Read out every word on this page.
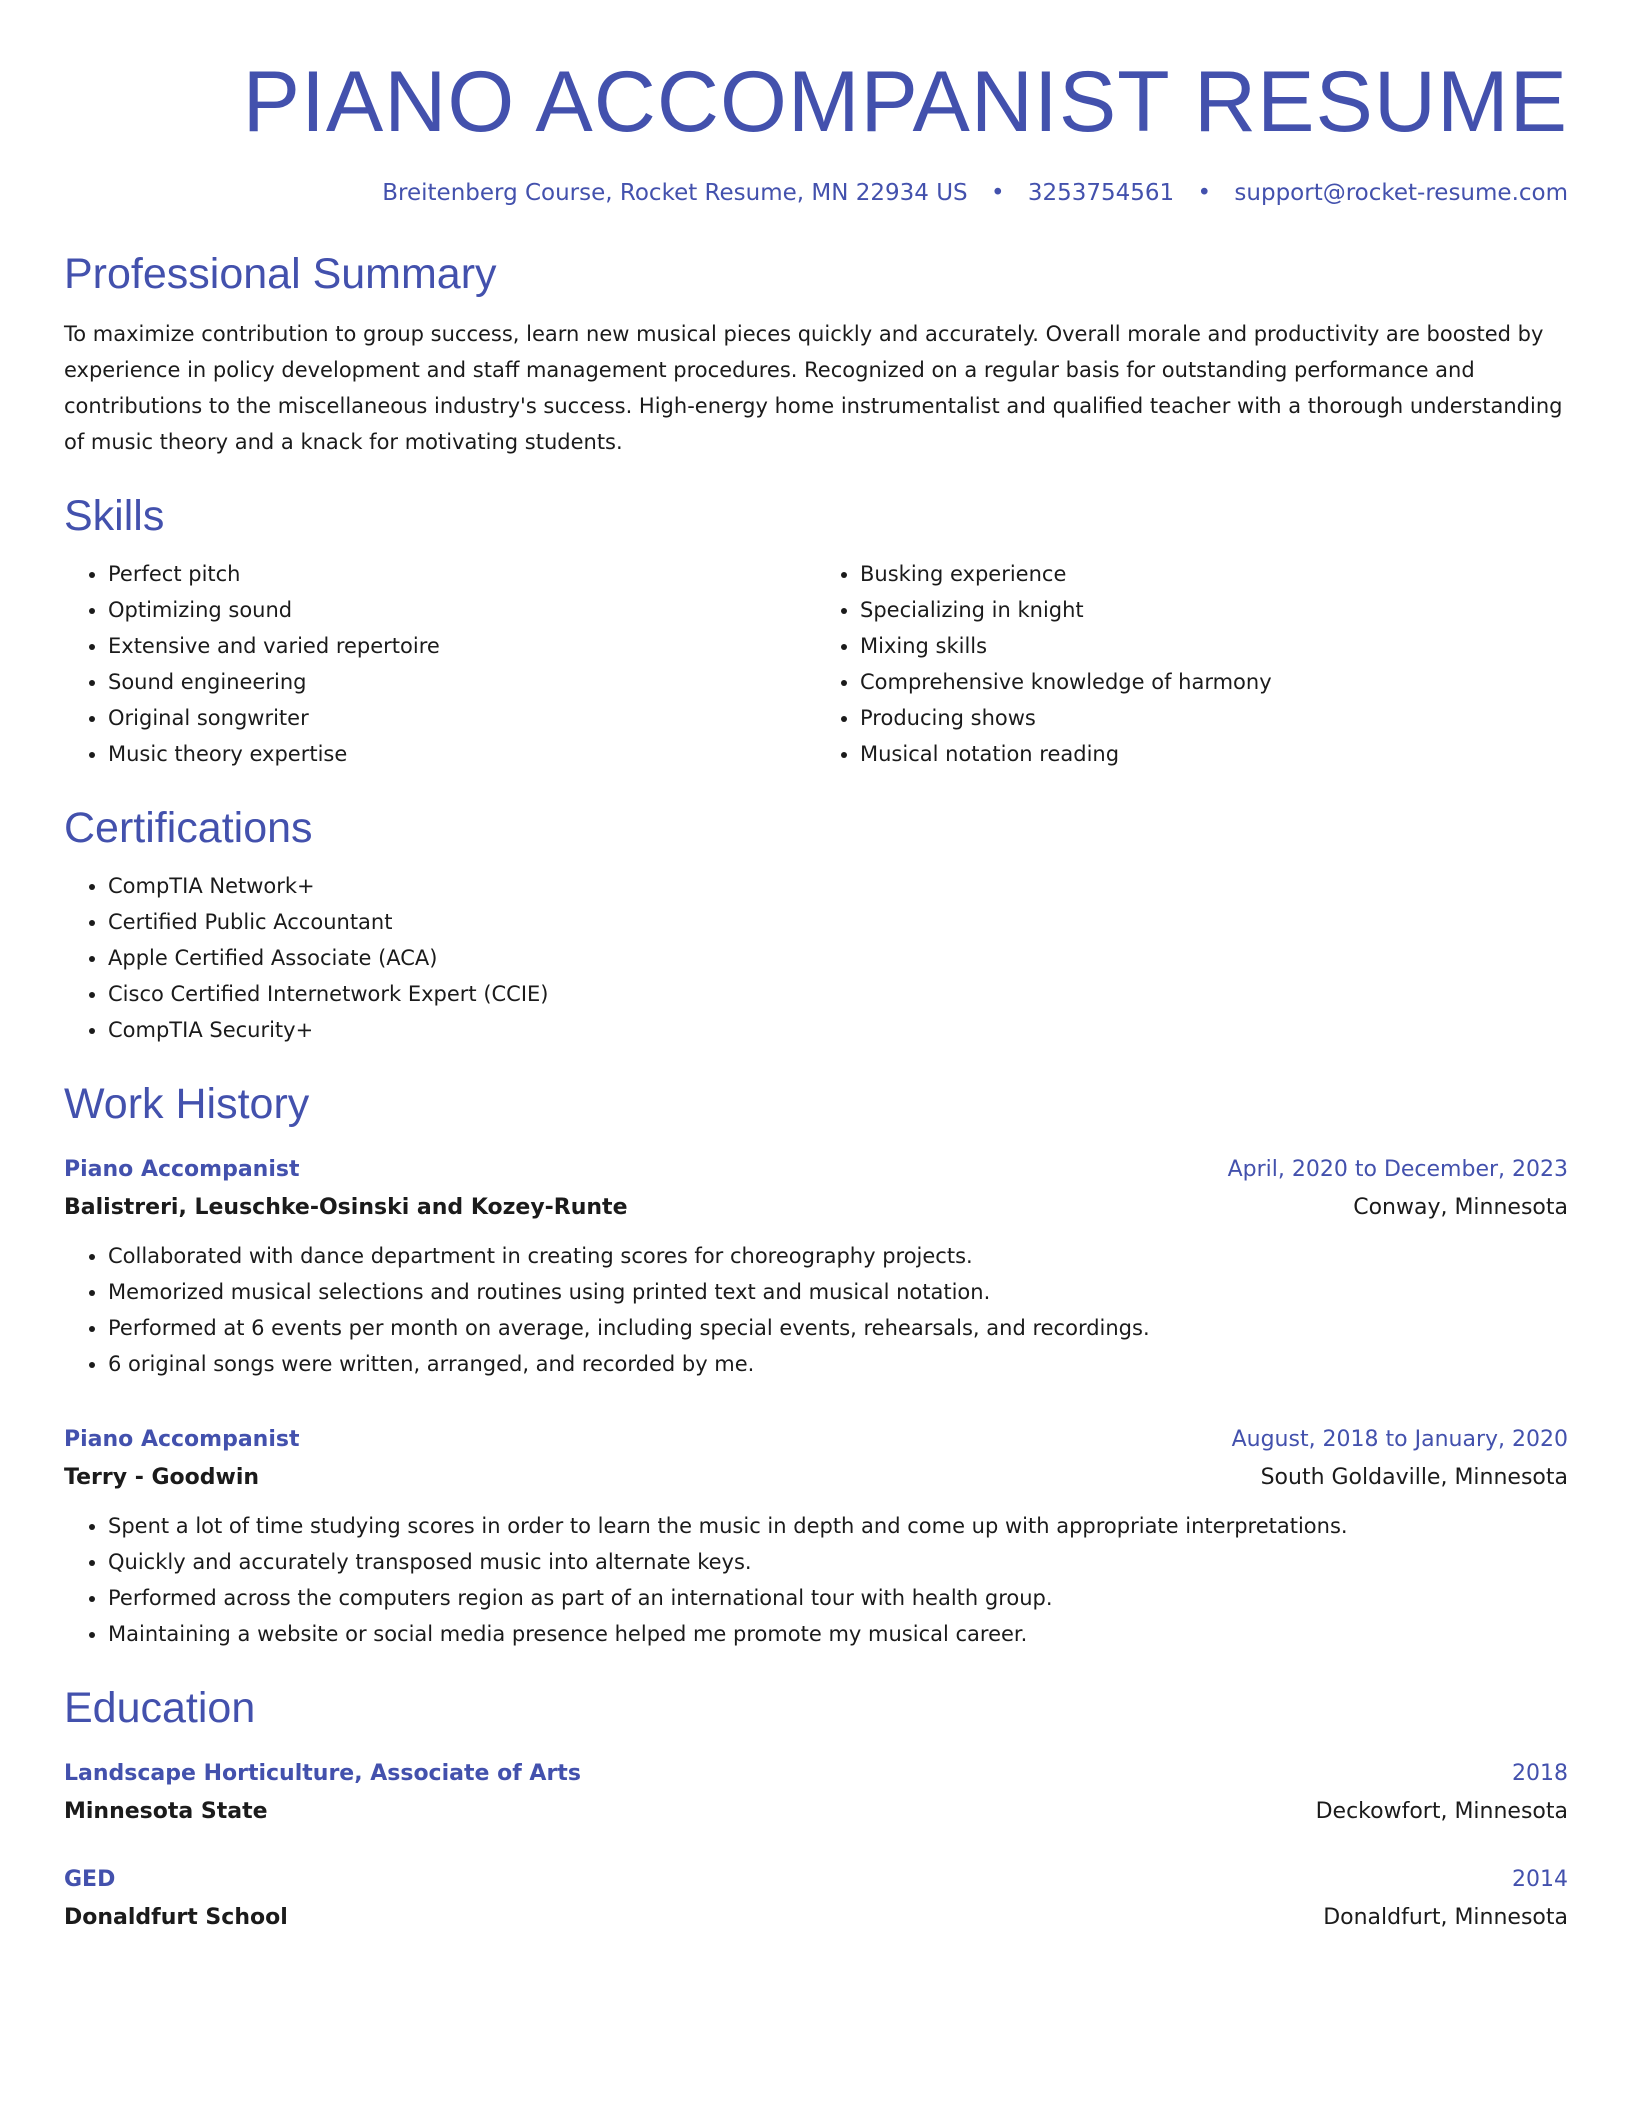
PIANO ACCOMPANIST RESUME
Breitenberg Course, Rocket Resume, MN 22934 US • 3253754561 • support@rocket-resume.com
Professional Summary

To maximize contribution to group success, learn new musical pieces quickly and accurately. Overall morale and productivity are boosted by experience in policy development and staff management procedures. Recognized on a regular basis for outstanding performance and contributions to the miscellaneous industry's success. High-energy home instrumentalist and qualified teacher with a thorough understanding of music theory and a knack for motivating students.

Skills
• Perfect pitch
• Optimizing sound
• Extensive and varied repertoire
• Sound engineering
• Original songwriter
• Music theory expertise
• Busking experience
• Specializing in knight
• Mixing skills
• Comprehensive knowledge of harmony
• Producing shows
• Musical notation reading
Certifications
• CompTIA Network+
• Certified Public Accountant
• Apple Certified Associate (ACA)
• Cisco Certified Internetwork Expert (CCIE)
• CompTIA Security+
Work History
Piano Accompanist	April, 2020 to December, 2023
Balistreri, Leuschke-Osinski and Kozey-Runte	Conway, Minnesota
• Collaborated with dance department in creating scores for choreography projects.
• Memorized musical selections and routines using printed text and musical notation.
• Performed at 6 events per month on average, including special events, rehearsals, and recordings.
• 6 original songs were written, arranged, and recorded by me.
Piano Accompanist	August, 2018 to January, 2020
Terry - Goodwin	South Goldaville, Minnesota
• Spent a lot of time studying scores in order to learn the music in depth and come up with appropriate interpretations.
• Quickly and accurately transposed music into alternate keys.
• Performed across the computers region as part of an international tour with health group.
• Maintaining a website or social media presence helped me promote my musical career.
Education
Landscape Horticulture, Associate of Arts	2018
Minnesota State	Deckowfort, Minnesota
GED	2014
Donaldfurt School	Donaldfurt, Minnesota
